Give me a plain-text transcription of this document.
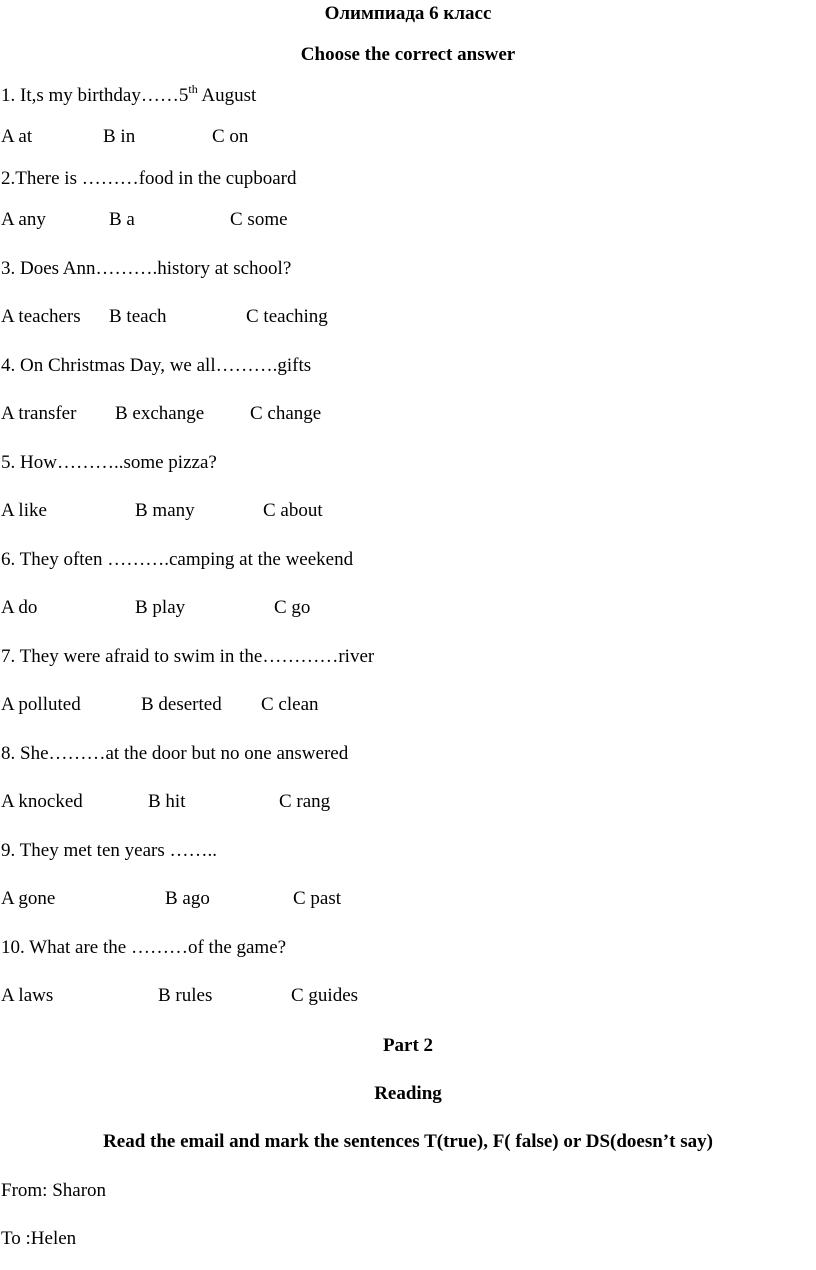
Олимпиада 6 класс
Choose the correct answer
1. It,s my birthday……5th August
A at	B in	C on
2.There is ………food in the cupboard
A any	B a	C some
3. Does Ann……….history at school?
A teachers B teach	C teaching
4. On Christmas Day, we all……….gifts
A transfer B exchange C change
5. How………..some pizza?
A like	B many	C about
6. They often ……….camping at the weekend
A do	B play	C go
7. They were afraid to swim in the…………river
A polluted	B deserted C clean
8. She………at the door but no one answered
A knocked	B hit	C rang
9. They met ten years ……..
A gone	B ago	C past
10. What are the ………of the game?
A laws	B rules	C guides
Part 2
Reading
Read the email and mark the sentences T(true), F( false) or DS(doesn’t say)
From: Sharon
To :Helen
